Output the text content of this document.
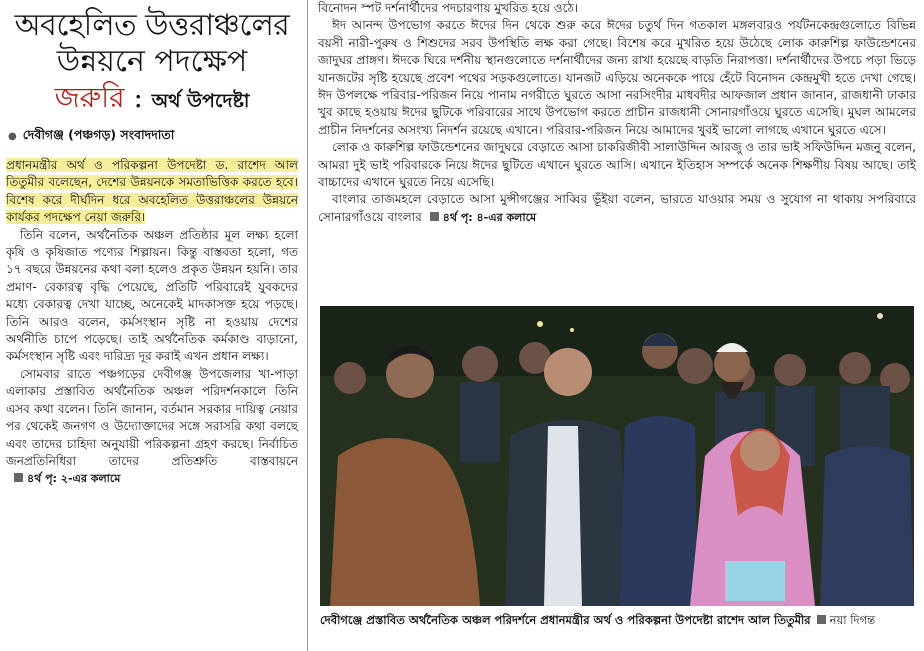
অবহেলিত উত্তরাঞ্চলের
উন্নয়নে পদক্ষেপ
জরুরি : অর্থ উপদেষ্টা
● দেবীগঞ্জ (পঞ্চগড়) সংবাদদাতা

প্রধানমন্ত্রীর অর্থ ও পরিকল্পনা উপদেষ্টা ড. রাশেদ আল তিতুমীর বলেছেন, দেশের উন্নয়নকে সমতাভিত্তিক করতে হবে। বিশেষ করে দীর্ঘদিন ধরে অবহেলিত উত্তরাঞ্চলের উন্নয়নে কার্যকর পদক্ষেপ নেয়া জরুরি।

তিনি বলেন, অর্থনৈতিক অঞ্চল প্রতিষ্ঠার মূল লক্ষ্য হলো কৃষি ও কৃষিজাত পণ্যের শিল্পায়ন। কিন্তু বাস্তবতা হলো, গত ১৭ বছরে উন্নয়নের কথা বলা হলেও প্রকৃত উন্নয়ন হয়নি। তার প্রমাণ- বেকারত্ব বৃদ্ধি পেয়েছে, প্রতিটি পরিবারেই যুবকদের মধ্যে বেকারত্ব দেখা যাচ্ছে, অনেকেই মাদকাসক্ত হয়ে পড়ছে। তিনি আরও বলেন, কর্মসংস্থান সৃষ্টি না হওয়ায় দেশের অর্থনীতি চাপে পড়েছে। তাই অর্থনৈতিক কর্মকাণ্ড বাড়ানো, কর্মসংস্থান সৃষ্টি এবং দারিদ্র্য দূর করাই এখন প্রধান লক্ষ্য।

সোমবার রাতে পঞ্চগড়ের দেবীগঞ্জ উপজেলার খা-পাড়া এলাকার প্রস্তাবিত অর্থনৈতিক অঞ্চল পরিদর্শনকালে তিনি এসব কথা বলেন। তিনি জানান, বর্তমান সরকার দায়িত্ব নেয়ার পর থেকেই জনগণ ও উদ্যোক্তাদের সঙ্গে সরাসরি কথা বলছে এবং তাদের চাহিদা অনুযায়ী পরিকল্পনা গ্রহণ করছে। নির্বাচিত জনপ্রতিনিধিরা তাদের প্রতিশ্রুতি বাস্তবায়নে৪র্থ পৃ: ২-এর কলামে

বিনোদন স্পট দর্শনার্থীদের পদচারণায় মুখরিত হয়ে ওঠে।

ঈদ আনন্দ উপভোগ করতে ঈদের দিন থেকে শুরু করে ঈদের চতুর্থ দিন গতকাল মঙ্গলবারও পর্যটনকেন্দ্রগুলোতে বিভিন্ন বয়সী নারী-পুরুষ ও শিশুদের সরব উপস্থিতি লক্ষ করা গেছে। বিশেষ করে মুখরিত হয়ে উঠেছে লোক কারুশিল্প ফাউন্ডেশনের জাদুঘর প্রাঙ্গণ। ঈদকে ঘিরে দর্শনীয় স্থানগুলোতে দর্শনার্থীদের জন্য রাখা হয়েছে বাড়তি নিরাপত্তা। দর্শনার্থীদের উপচে পড়া ভিড়ে যানজটের সৃষ্টি হয়েছে প্রবেশ পথের সড়কগুলোতে। যানজট এড়িয়ে অনেককে পায়ে হেঁটে বিনোদন কেন্দ্রমুখী হতে দেখা গেছে। ঈদ উপলক্ষে পরিবার-পরিজন নিয়ে পানাম নগরীতে ঘুরতে আসা নরসিংদীর মাধবদীর আফজাল প্রধান জানান, রাজধানী ঢাকার খুব কাছে হওয়ায় ঈদের ছুটিকে পরিবারের সাথে উপভোগ করতে প্রাচীন রাজধানী সোনারগাঁওয়ে ঘুরতে এসেছি। মুঘল আমলের প্রাচীন নিদর্শনের অসংখ্য নিদর্শন রয়েছে এখানে। পরিবার-পরিজন নিয়ে আমাদের খুবই ভালো লাগছে এখানে ঘুরতে এসে।

লোক ও কারুশিল্প ফাউন্ডেশনের জাদুঘরে বেড়াতে আসা চাকরিজীবী সালাউদ্দিন আরজু ও তার ভাই সফিউদ্দিন মজনু বলেন, আমরা দুই ভাই পরিবারকে নিয়ে ঈদের ছুটিতে এখানে ঘুরতে আসি। এখানে ইতিহাস সম্পর্কে অনেক শিক্ষণীয় বিষয় আছে। তাই বাচ্চাদের এখানে ঘুরতে নিয়ে এসেছি।

বাংলার তাজমহলে বেড়াতে আসা মুন্সীগঞ্জের সাব্বির ভূঁইয়া বলেন, ভারতে যাওয়ার সময় ও সুযোগ না থাকায় সপরিবারে সোনারগাঁওয়ে বাংলার ৪র্থ পৃ: ৪-এর কলামে

দেবীগঞ্জে প্রস্তাবিত অর্থনৈতিক অঞ্চল পরিদর্শনে প্রধানমন্ত্রীর অর্থ ও পরিকল্পনা উপদেষ্টা রাশেদ আল তিতুমীর নয়া দিগন্ত
